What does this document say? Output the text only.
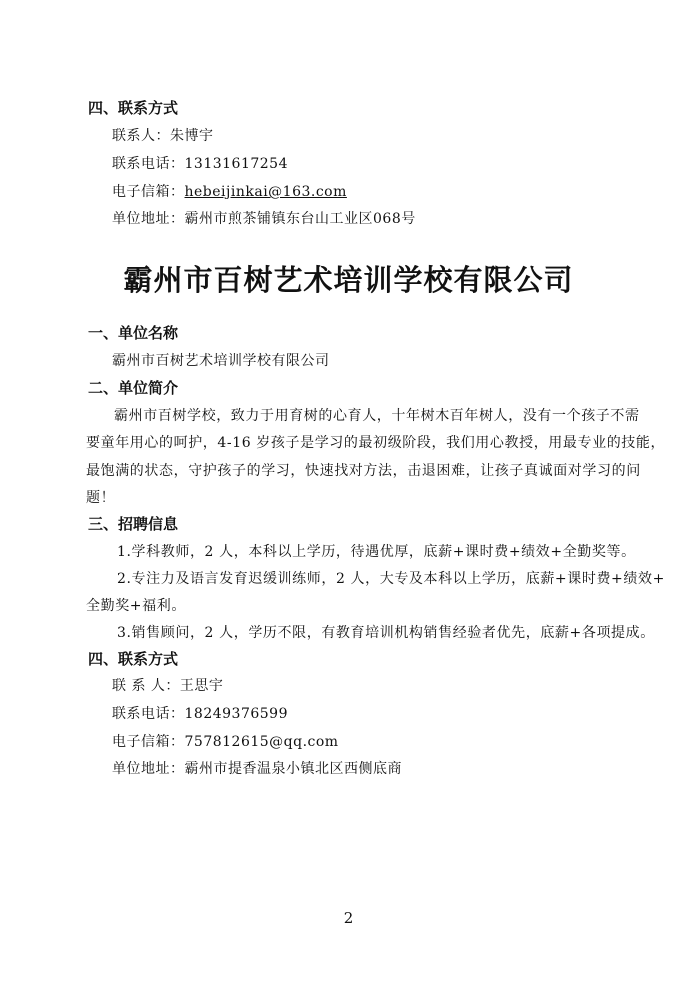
四、联系方式
联系人：朱博宇
联系电话：13131617254
电子信箱：hebeijinkai@163.com
单位地址：霸州市煎茶铺镇东台山工业区068号
霸州市百树艺术培训学校有限公司
一、单位名称
霸州市百树艺术培训学校有限公司
二、单位简介
霸州市百树学校，致力于用育树的心育人，十年树木百年树人，没有一个孩子不需
要童年用心的呵护，4-16 岁孩子是学习的最初级阶段，我们用心教授，用最专业的技能，
最饱满的状态，守护孩子的学习，快速找对方法，击退困难，让孩子真诚面对学习的问
题！
三、招聘信息
1.学科教师，2 人，本科以上学历，待遇优厚，底薪+课时费+绩效+全勤奖等。
2.专注力及语言发育迟缓训练师，2 人，大专及本科以上学历，底薪+课时费+绩效+
全勤奖+福利。
3.销售顾问，2 人，学历不限，有教育培训机构销售经验者优先，底薪+各项提成。
四、联系方式
联 系 人：王思宇
联系电话：18249376599
电子信箱：757812615@qq.com
单位地址：霸州市提香温泉小镇北区西侧底商
2
